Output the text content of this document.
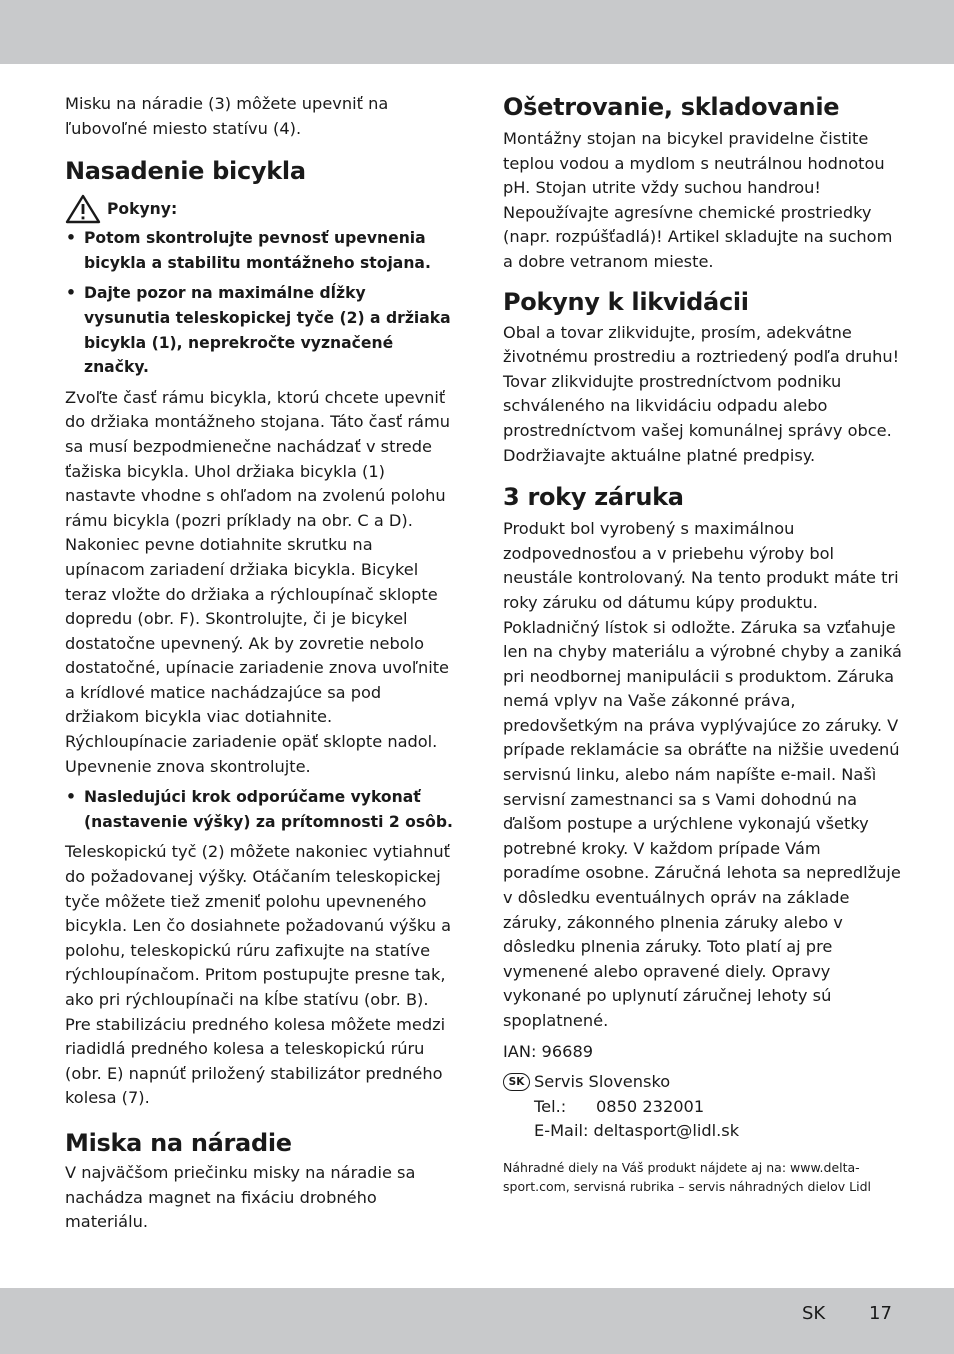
Misku na náradie (3) môžete upevniť na ľubovoľné miesto statívu (4).

Nasadenie bicykla
Pokyny:
• Potom skontrolujte pevnosť upevnenia bicykla a stabilitu montážneho stojana.
• Dajte pozor na maximálne dĺžky vysunutia teleskopickej tyče (2) a držiaka bicykla (1), neprekročte vyznačené značky.

Zvoľte časť rámu bicykla, ktorú chcete upevniť do držiaka montážneho stojana. Táto časť rámu sa musí bezpodmienečne nachádzať v strede ťažiska bicykla. Uhol držiaka bicykla (1) nastavte vhodne s ohľadom na zvolenú polohu rámu bicykla (pozri príklady na obr. C a D). Nakoniec pevne dotiahnite skrutku na upínacom zariadení držiaka bicykla. Bicykel teraz vložte do držiaka a rýchloupínač sklopte dopredu (obr. F). Skontrolujte, či je bicykel dostatočne upevnený. Ak by zovretie nebolo dostatočné, upínacie zariadenie znova uvoľnite a krídlové matice nachádzajúce sa pod držiakom bicykla viac dotiahnite. Rýchloupínacie zariadenie opäť sklopte nadol. Upevnenie znova skontrolujte.

• Nasledujúci krok odporúčame vykonať (nastavenie výšky) za prítomnosti 2 osôb.

Teleskopickú tyč (2) môžete nakoniec vytiahnuť do požadovanej výšky. Otáčaním teleskopickej tyče môžete tiež zmeniť polohu upevneného bicykla. Len čo dosiahnete požadovanú výšku a polohu, teleskopickú rúru zafixujte na statíve rýchloupínačom. Pritom postupujte presne tak, ako pri rýchloupínači na kĺbe statívu (obr. B). Pre stabilizáciu predného kolesa môžete medzi riadidlá predného kolesa a teleskopickú rúru (obr. E) napnúť priložený stabilizátor predného kolesa (7).

Miska na náradie

V najväčšom priečinku misky na náradie sa nachádza magnet na fixáciu drobného materiálu.

Ošetrovanie, skladovanie

Montážny stojan na bicykel pravidelne čistite teplou vodou a mydlom s neutrálnou hodnotou pH. Stojan utrite vždy suchou handrou! Nepoužívajte agresívne chemické prostriedky (napr. rozpúšťadlá)! Artikel skladujte na suchom a dobre vetranom mieste.

Pokyny k likvidácii

Obal a tovar zlikvidujte, prosím, adekvátne životnému prostrediu a roztriedený podľa druhu! Tovar zlikvidujte prostredníctvom podniku schváleného na likvidáciu odpadu alebo prostredníctvom vašej komunálnej správy obce. Dodržiavajte aktuálne platné predpisy.

3 roky záruka

Produkt bol vyrobený s maximálnou zodpovednosťou a v priebehu výroby bol neustále kontrolovaný. Na tento produkt máte tri roky záruku od dátumu kúpy produktu. Pokladničný lístok si odložte. Záruka sa vzťahuje len na chyby materiálu a výrobné chyby a zaniká pri neodbornej manipulácii s produktom. Záruka nemá vplyv na Vaše zákonné práva, predovšetkým na práva vyplývajúce zo záruky. V prípade reklamácie sa obráťte na nižšie uvedenú servisnú linku, alebo nám napíšte e-mail. Našì servisní zamestnanci sa s Vami dohodnú na ďalšom postupe a urýchlene vykonajú všetky potrebné kroky. V každom prípade Vám poradíme osobne. Záručná lehota sa nepredlžuje v dôsledku eventuálnych opráv na základe záruky, zákonného plnenia záruky alebo v dôsledku plnenia záruky. Toto platí aj pre vymenené alebo opravené diely. Opravy vykonané po uplynutí záručnej lehoty sú spoplatnené.

IAN: 96689

SK Servis Slovensko

Tel.:	0850 232001

E-Mail: deltasport@lidl.sk

Náhradné diely na Váš produkt nájdete aj na: www.delta-sport.com, servisná rubrika – servis náhradných dielov Lidl

SK 17
